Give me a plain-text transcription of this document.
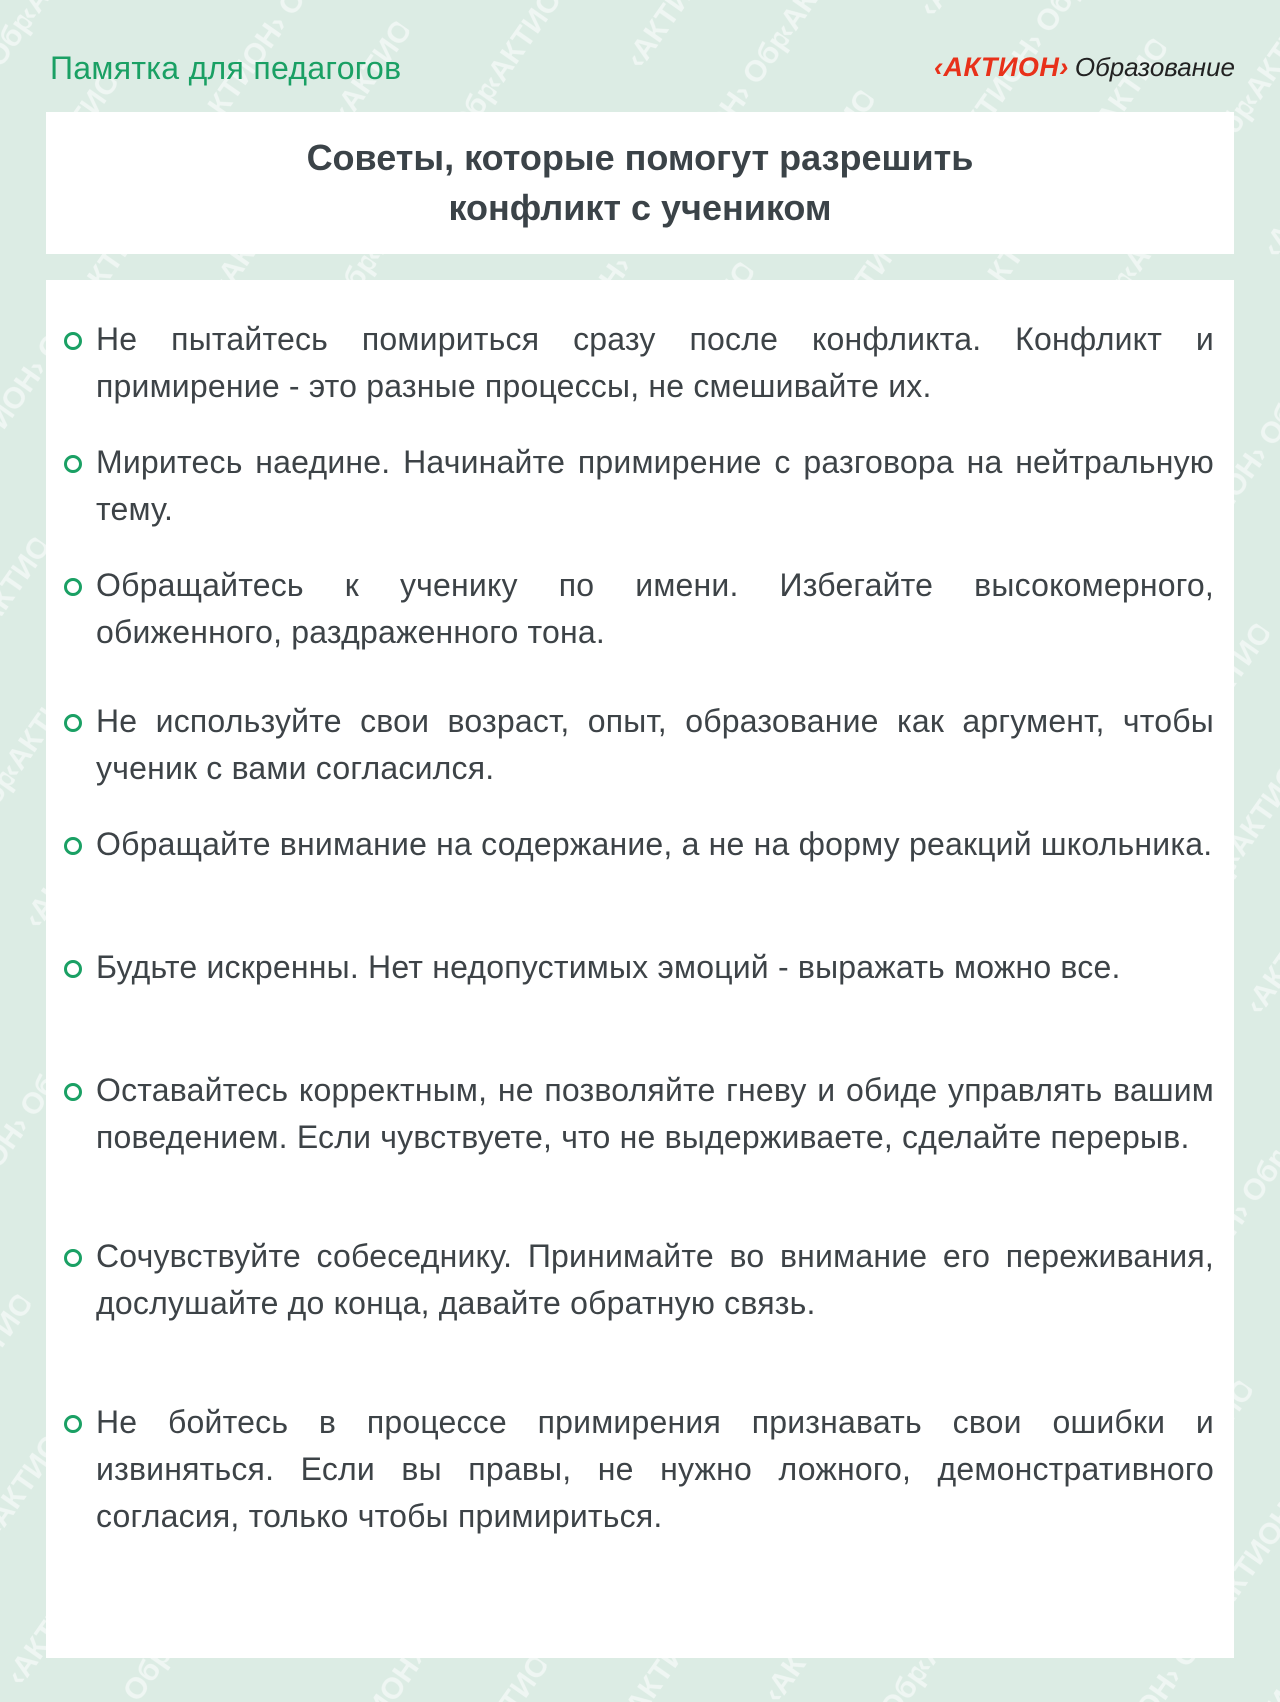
Памятка для педагогов	‹АКТИОН› Образование
Советы, которые помогут разрешить
конфликт с учеником
Не пытайтесь помириться сразу после конфликта. Конфликт и примирение - это разные процессы, не смешивайте их.
Миритесь наедине. Начинайте примирение с разговора на нейтральную тему.
Обращайтесь к ученику по имени. Избегайте высокомерного, обиженного, раздраженного тона.
Не используйте свои возраст, опыт, образование как аргумент, чтобы ученик с вами согласился.
Обращайте внимание на содержание, а не на форму реакций школьника.
Будьте искренны. Нет недопустимых эмоций - выражать можно все.
Оставайтесь корректным, не позволяйте гневу и обиде управлять вашим поведением. Если чувствуете, что не выдерживаете, сделайте перерыв.
Сочувствуйте собеседнику. Принимайте во внимание его переживания, дослушайте до конца, давайте обратную связь.
Не бойтесь в процессе примирения признавать свои ошибки и извиняться. Если вы правы, не нужно ложного, демонстративного согласия, только чтобы примириться.
